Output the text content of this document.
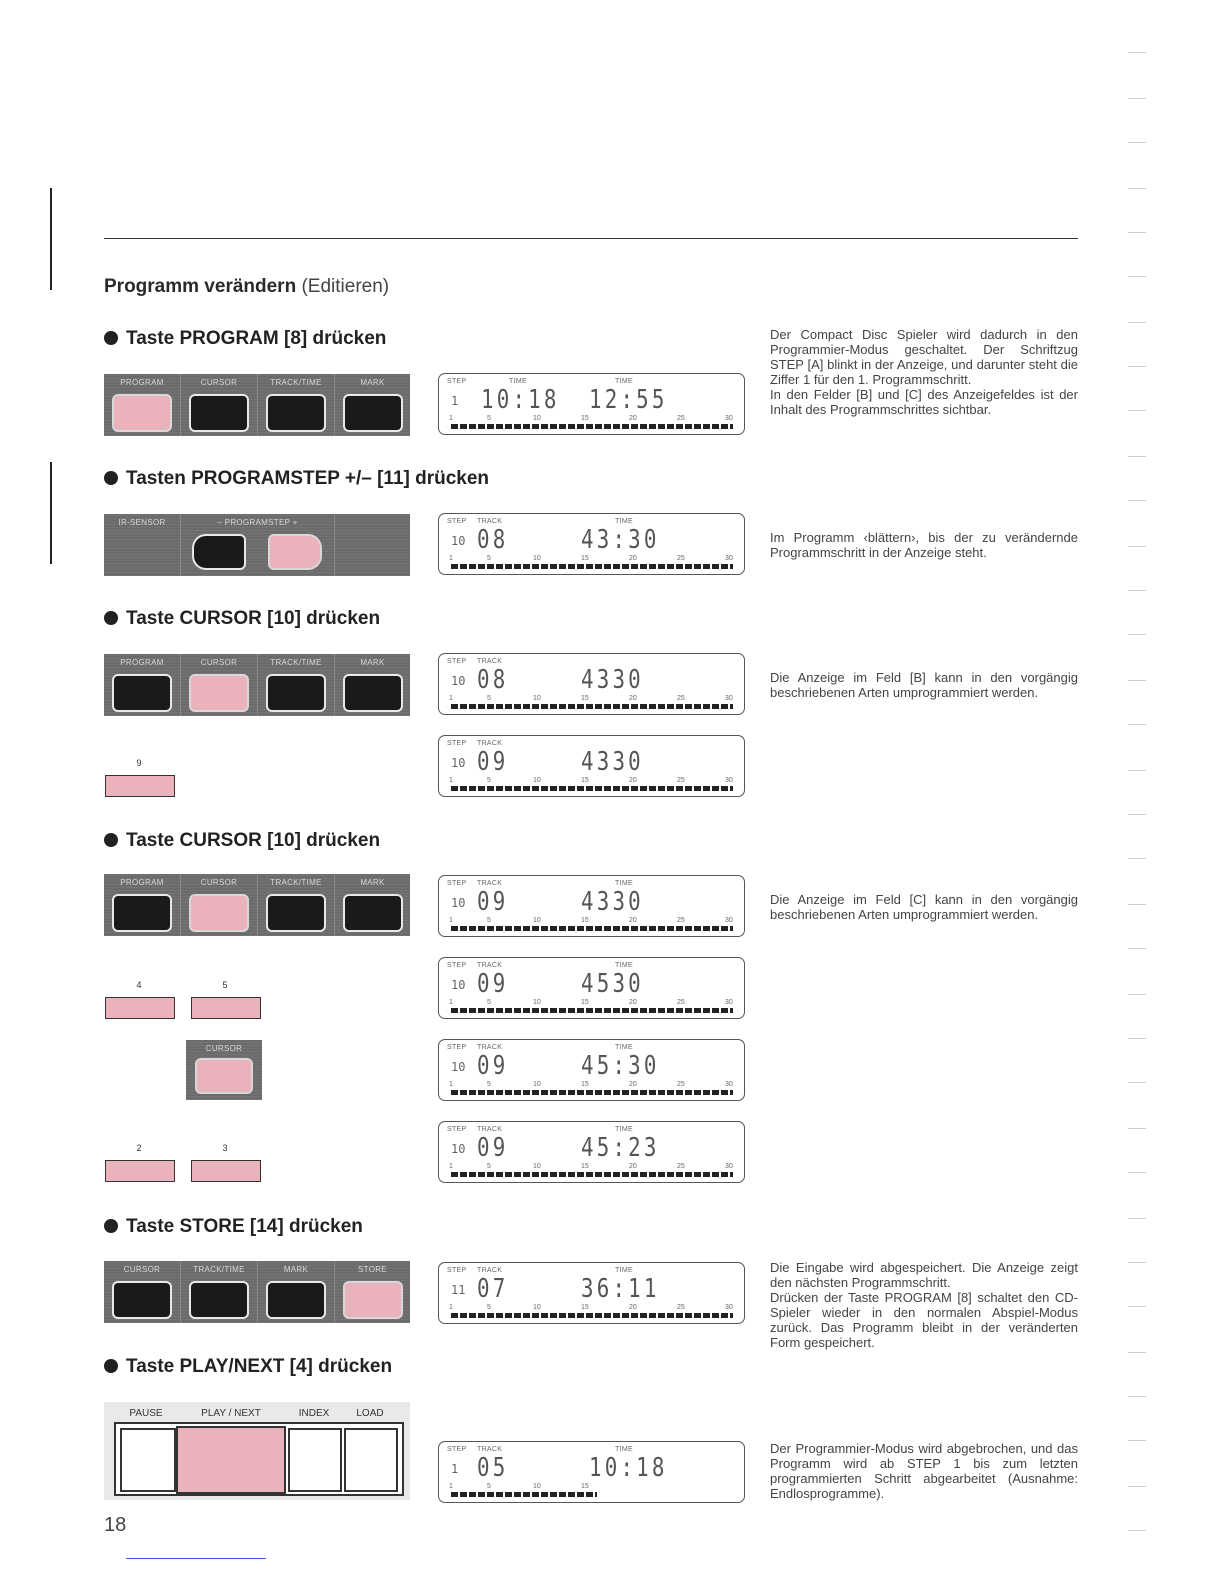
Programm verändern (Editieren)
Taste PROGRAM [8] drücken
PROGRAM	CURSOR	TRACK/TIME	MARK	STEP	TIME	TIME
1 10:18 12:55
1	5	10	15	20	25	30

Der Compact Disc Spieler wird dadurch in den Programmier-Modus geschaltet. Der Schriftzug STEP [A] blinkt in der Anzeige, und darunter steht die Ziffer 1 für den 1. Programmschritt.

In den Felder [B] und [C] des Anzeigefeldes ist der Inhalt des Programmschrittes sichtbar.

Tasten PROGRAMSTEP +/– [11] drücken
IR-SENSOR	– PROGRAMSTEP +	STEP TRACK	TIME
10 08	43:30
1	5	10	15	20	25	30

Im Programm ‹blättern›, bis der zu verändernde Programmschritt in der Anzeige steht.

Taste CURSOR [10] drücken
PROGRAM	CURSOR	TRACK/TIME	MARK	STEP TRACK
10 08	4330
1	5	10	15	20	25	30

Die Anzeige im Feld [B] kann in den vorgängig beschriebenen Arten umprogrammiert werden.

9
STEP TRACK
10 09	4330
1	5	10	15	20	25	30
Taste CURSOR [10] drücken
PROGRAM	CURSOR	TRACK/TIME	MARK	STEP TRACK	TIME
10 09	4330
1	5	10	15	20	25	30

Die Anzeige im Feld [C] kann in den vorgängig beschriebenen Arten umprogrammiert werden.

4	5
STEP TRACK	TIME
10 09	4530
1	5	10	15	20	25	30
CURSOR	STEP TRACK	TIME
10 09	45:30
1	5	10	15	20	25	30
2	3
STEP TRACK	TIME
10 09	45:23
1	5	10	15	20	25	30
Taste STORE [14] drücken
CURSOR	TRACK/TIME	MARK	STORE	STEP TRACK	TIME
11 07	36:11
1	5	10	15	20	25	30

Die Eingabe wird abgespeichert. Die Anzeige zeigt den nächsten Programmschritt.

Drücken der Taste PROGRAM [8] schaltet den CD-Spieler wieder in den normalen Abspiel-Modus zurück. Das Programm bleibt in der veränderten Form gespeichert.

Taste PLAY/NEXT [4] drücken
PAUSE	PLAY / NEXT	INDEX	LOAD
STEP TRACK	TIME
1 05	10:18
1	5	10	15

Der Programmier-Modus wird abgebrochen, und das Programm wird ab STEP 1 bis zum letzten programmierten Schritt abgearbeitet (Ausnahme: Endlosprogramme).

18
